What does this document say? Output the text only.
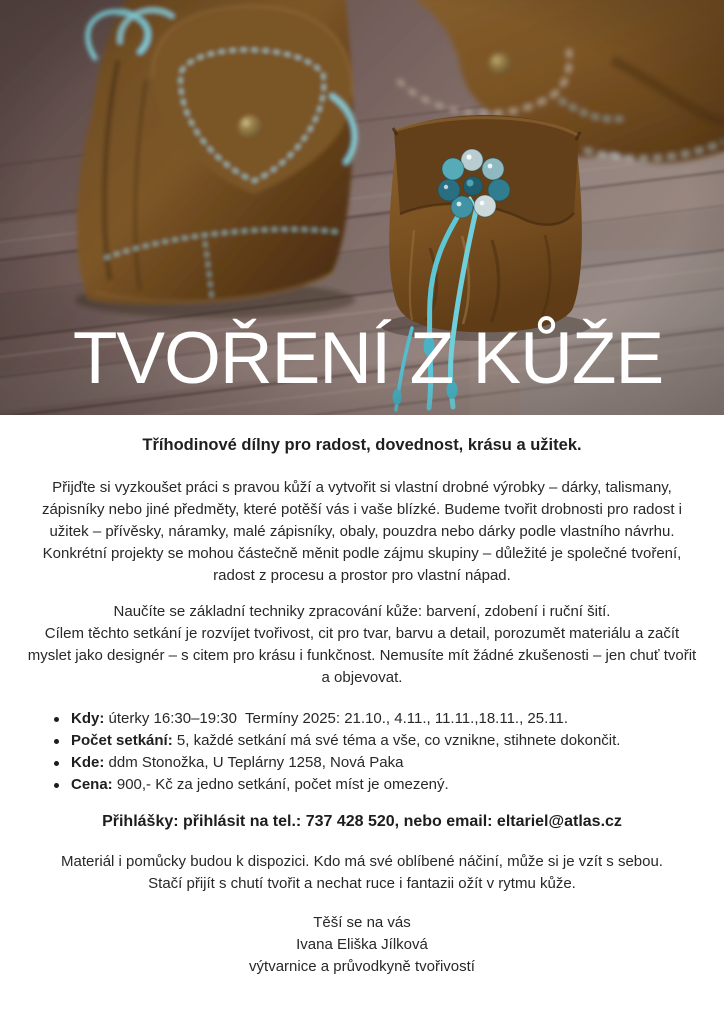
TVOŘENÍ Z KŮŽE

Tříhodinové dílny pro radost, dovednost, krásu a užitek.

Přijďte si vyzkoušet práci s pravou kůží a vytvořit si vlastní drobné výrobky – dárky, talismany, zápisníky nebo jiné předměty, které potěší vás i vaše blízké. Budeme tvořit drobnosti pro radost i užitek – přívěsky, náramky, malé zápisníky, obaly, pouzdra nebo dárky podle vlastního návrhu. Konkrétní projekty se mohou částečně měnit podle zájmu skupiny – důležité je společné tvoření, radost z procesu a prostor pro vlastní nápad.

Naučíte se základní techniky zpracování kůže: barvení, zdobení i ruční šití.

Cílem těchto setkání je rozvíjet tvořivost, cit pro tvar, barvu a detail, porozumět materiálu a začít myslet jako designér – s citem pro krásu i funkčnost. Nemusíte mít žádné zkušenosti – jen chuť tvořit a objevovat.

Kdy: úterky 16:30–19:30  Termíny 2025: 21.10., 4.11., 11.11.,18.11., 25.11.
Počet setkání: 5, každé setkání má své téma a vše, co vznikne, stihnete dokončit.
Kde: ddm Stonožka, U Teplárny 1258, Nová Paka
Cena: 900,- Kč za jedno setkání, počet míst je omezený.

Přihlášky: přihlásit na tel.: 737 428 520, nebo email: eltariel@atlas.cz

Materiál i pomůcky budou k dispozici. Kdo má své oblíbené náčiní, může si je vzít s sebou.
Stačí přijít s chutí tvořit a nechat ruce i fantazii ožít v rytmu kůže.
Těší se na vás
Ivana Eliška Jílková
výtvarnice a průvodkyně tvořivostí
